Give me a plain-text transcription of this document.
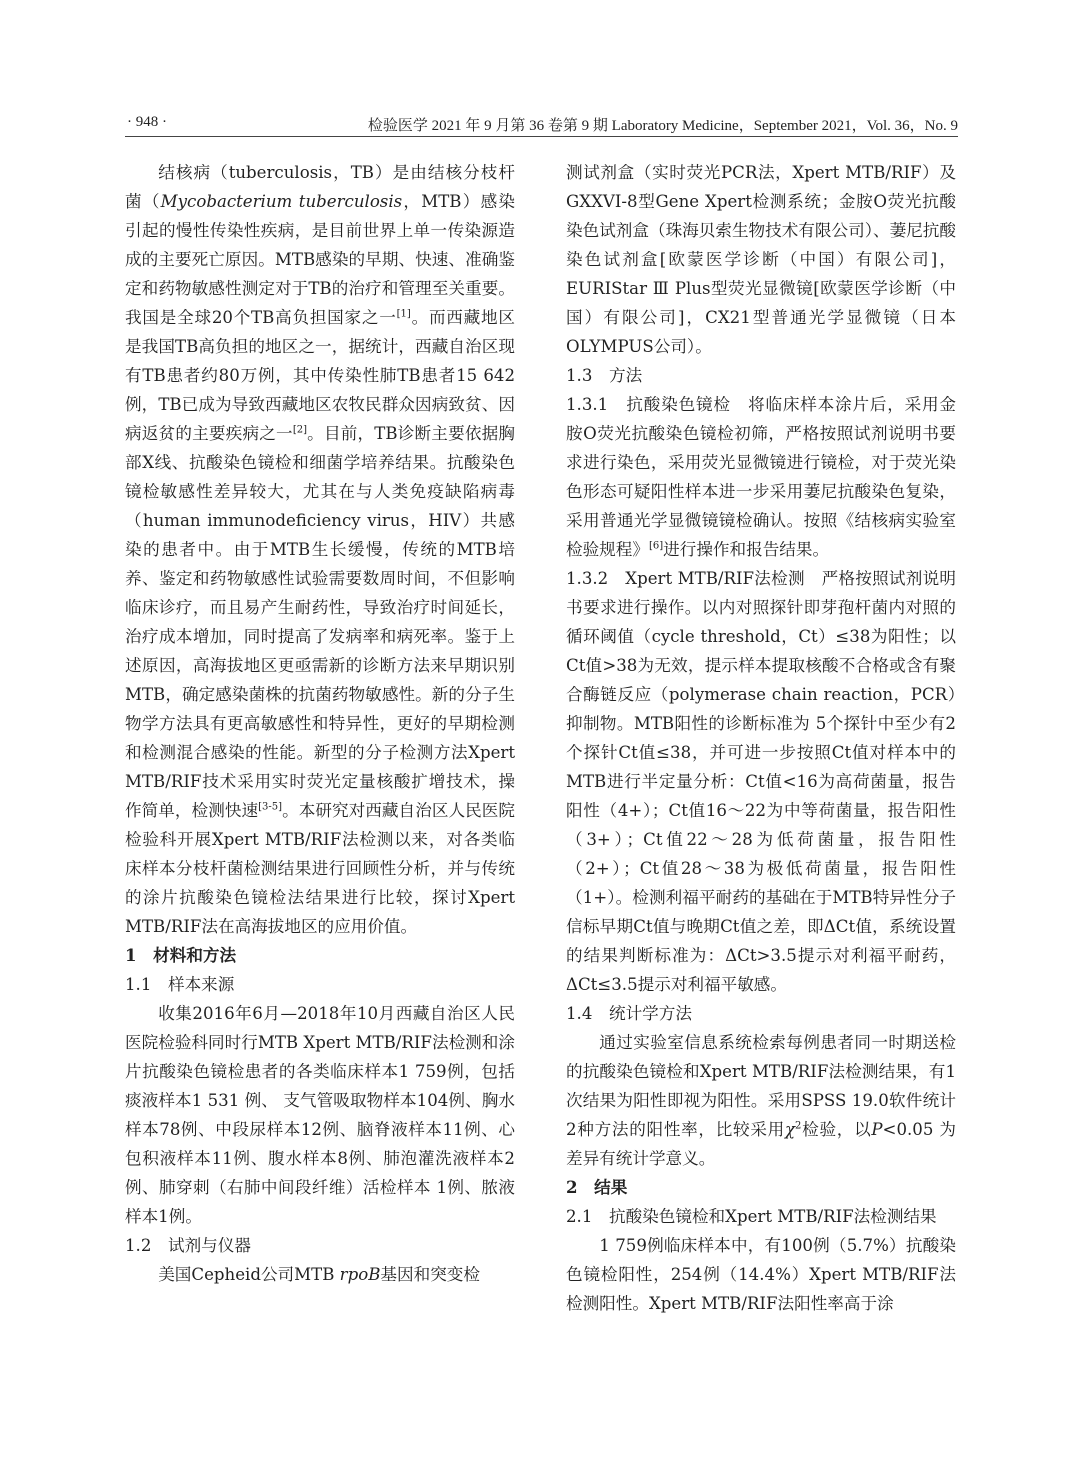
· 948 ·	检验医学 2021 年 9 月第 36 卷第 9 期 Laboratory Medicine，September 2021，Vol. 36，No. 9

结核病（tuberculosis，TB）是由结核分枝杆菌（Mycobacterium tuberculosis，MTB）感染引起的慢性传染性疾病，是目前世界上单一传染源造成的主要死亡原因。MTB感染的早期、快速、准确鉴定和药物敏感性测定对于TB的治疗和管理至关重要。我国是全球20个TB高负担国家之一[1]。而西藏地区是我国TB高负担的地区之一，据统计，西藏自治区现有TB患者约80万例，其中传染性肺TB患者15 642 例，TB已成为导致西藏地区农牧民群众因病致贫、因病返贫的主要疾病之一[2]。目前，TB诊断主要依据胸部X线、抗酸染色镜检和细菌学培养结果。抗酸染色镜检敏感性差异较大，尤其在与人类免疫缺陷病毒（human immunodeficiency virus，HIV）共感染的患者中。由于MTB生长缓慢，传统的MTB培养、鉴定和药物敏感性试验需要数周时间，不但影响临床诊疗，而且易产生耐药性，导致治疗时间延长，治疗成本增加，同时提高了发病率和病死率。鉴于上述原因，高海拔地区更亟需新的诊断方法来早期识别MTB，确定感染菌株的抗菌药物敏感性。新的分子生物学方法具有更高敏感性和特异性，更好的早期检测和检测混合感染的性能。新型的分子检测方法Xpert MTB/RIF技术采用实时荧光定量核酸扩增技术，操作简单，检测快速[3-5]。本研究对西藏自治区人民医院检验科开展Xpert MTB/RIF法检测以来，对各类临床样本分枝杆菌检测结果进行回顾性分析，并与传统的涂片抗酸染色镜检法结果进行比较，探讨Xpert MTB/RIF法在高海拔地区的应用价值。

1　材料和方法

1.1　样本来源

收集2016年6月—2018年10月西藏自治区人民医院检验科同时行MTB Xpert MTB/RIF法检测和涂片抗酸染色镜检患者的各类临床样本1 759例，包括痰液样本1 531 例、 支气管吸取物样本104例、胸水样本78例、中段尿样本12例、脑脊液样本11例、心包积液样本11例、腹水样本8例、肺泡灌洗液样本2例、肺穿刺（右肺中间段纤维）活检样本 1例、脓液样本1例。

1.2　试剂与仪器

美国Cepheid公司MTB rpoB基因和突变检

测试剂盒（实时荧光PCR法，Xpert MTB/RIF）及GXXVI-8型Gene Xpert检测系统；金胺O荧光抗酸染色试剂盒（珠海贝索生物技术有限公司）、萋尼抗酸染色试剂盒[欧蒙医学诊断（中国）有限公司]，EURIStar Ⅲ Plus型荧光显微镜[欧蒙医学诊断（中国）有限公司]，CX21型普通光学显微镜（日本OLYMPUS公司）。

1.3　方法

1.3.1　抗酸染色镜检　将临床样本涂片后，采用金胺O荧光抗酸染色镜检初筛，严格按照试剂说明书要求进行染色，采用荧光显微镜进行镜检，对于荧光染色形态可疑阳性样本进一步采用萋尼抗酸染色复染，采用普通光学显微镜镜检确认。按照《结核病实验室检验规程》[6]进行操作和报告结果。

1.3.2　Xpert MTB/RIF法检测　严格按照试剂说明书要求进行操作。以内对照探针即芽孢杆菌内对照的循环阈值（cycle threshold，Ct）≤38为阳性；以Ct值>38为无效，提示样本提取核酸不合格或含有聚合酶链反应（polymerase chain reaction，PCR）抑制物。MTB阳性的诊断标准为 5个探针中至少有2个探针Ct值≤38，并可进一步按照Ct值对样本中的MTB进行半定量分析：Ct值<16为高荷菌量，报告阳性（4+）；Ct值16～22为中等荷菌量，报告阳性（3+）；Ct值22～28为低荷菌量，报告阳性（2+）；Ct值28～38为极低荷菌量，报告阳性（1+）。检测利福平耐药的基础在于MTB特异性分子信标早期Ct值与晚期Ct值之差，即ΔCt值，系统设置的结果判断标准为：ΔCt>3.5提示对利福平耐药，ΔCt≤3.5提示对利福平敏感。

1.4　统计学方法

通过实验室信息系统检索每例患者同一时期送检的抗酸染色镜检和Xpert MTB/RIF法检测结果，有1次结果为阳性即视为阳性。采用SPSS 19.0软件统计2种方法的阳性率，比较采用$\chi^2$检验，以P<0.05 为差异有统计学意义。

2　结果

2.1　抗酸染色镜检和Xpert MTB/RIF法检测结果

1 759例临床样本中，有100例（5.7%）抗酸染色镜检阳性，254例（14.4%）Xpert MTB/RIF法检测阳性。Xpert MTB/RIF法阳性率高于涂
